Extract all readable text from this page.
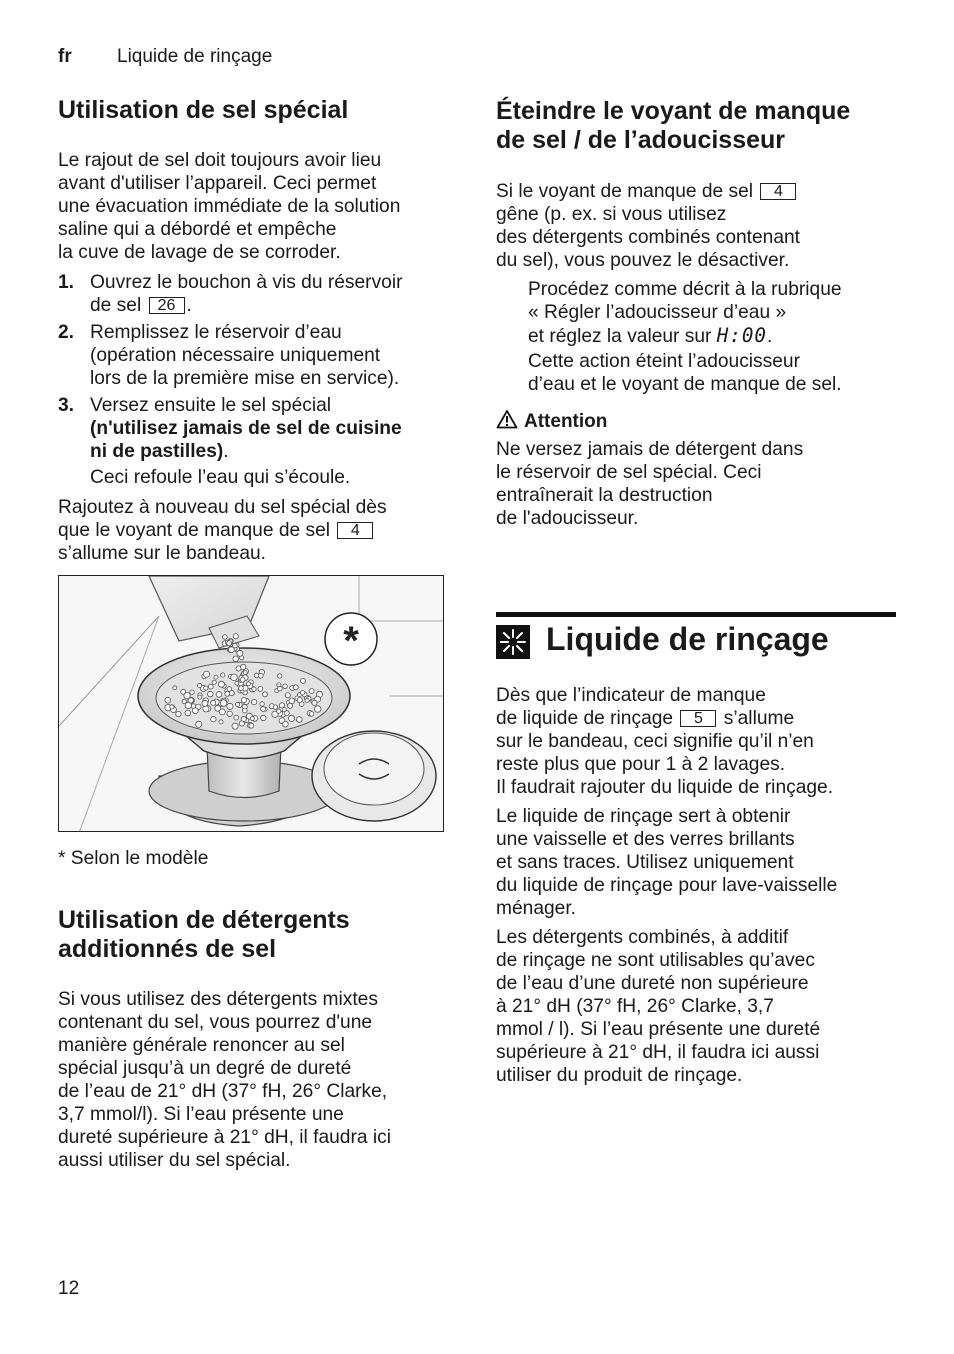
fr Liquide de rinçage
Utilisation de sel spécial

Le rajout de sel doit toujours avoir lieu

avant d'utiliser l’appareil. Ceci permet

une évacuation immédiate de la solution

saline qui a débordé et empêche

la cuve de lavage de se corroder.

1. Ouvrez le bouchon à vis du réservoir

de sel 26 .

2. Remplissez le réservoir d’eau

(opération nécessaire uniquement

lors de la première mise en service).

3. Versez ensuite le sel spécial

(n'utilisez jamais de sel de cuisine

ni de pastilles).

Ceci refoule l’eau qui s’écoule.

Rajoutez à nouveau du sel spécial dès

que le voyant de manque de sel 4

s’allume sur le bandeau.

*

* Selon le modèle

Utilisation de détergents
additionnés de sel

Si vous utilisez des détergents mixtes

contenant du sel, vous pourrez d'une

manière générale renoncer au sel

spécial jusqu’à un degré de dureté

de l’eau de 21° dH (37° fH, 26° Clarke,

3,7 mmol/l). Si l’eau présente une

dureté supérieure à 21° dH, il faudra ici

aussi utiliser du sel spécial.

Éteindre le voyant de manque
de sel / de l’adoucisseur

Si le voyant de manque de sel 4

gêne (p. ex. si vous utilisez

des détergents combinés contenant

du sel), vous pouvez le désactiver.

Procédez comme décrit à la rubrique

« Régler l’adoucisseur d’eau »

et réglez la valeur sur H:00.

Cette action éteint l’adoucisseur

d’eau et le voyant de manque de sel.

Attention

Ne versez jamais de détergent dans

le réservoir de sel spécial. Ceci

entraînerait la destruction

de l'adoucisseur.

Liquide de rinçage

Dès que l’indicateur de manque

de liquide de rinçage 5 s’allume

sur le bandeau, ceci signifie qu’il n’en

reste plus que pour 1 à 2 lavages.

Il faudrait rajouter du liquide de rinçage.

Le liquide de rinçage sert à obtenir

une vaisselle et des verres brillants

et sans traces. Utilisez uniquement

du liquide de rinçage pour lave-vaisselle

ménager.

Les détergents combinés, à additif

de rinçage ne sont utilisables qu’avec

de l’eau d’une dureté non supérieure

à 21° dH (37° fH, 26° Clarke, 3,7

mmol / l). Si l’eau présente une dureté

supérieure à 21° dH, il faudra ici aussi

utiliser du produit de rinçage.

12
